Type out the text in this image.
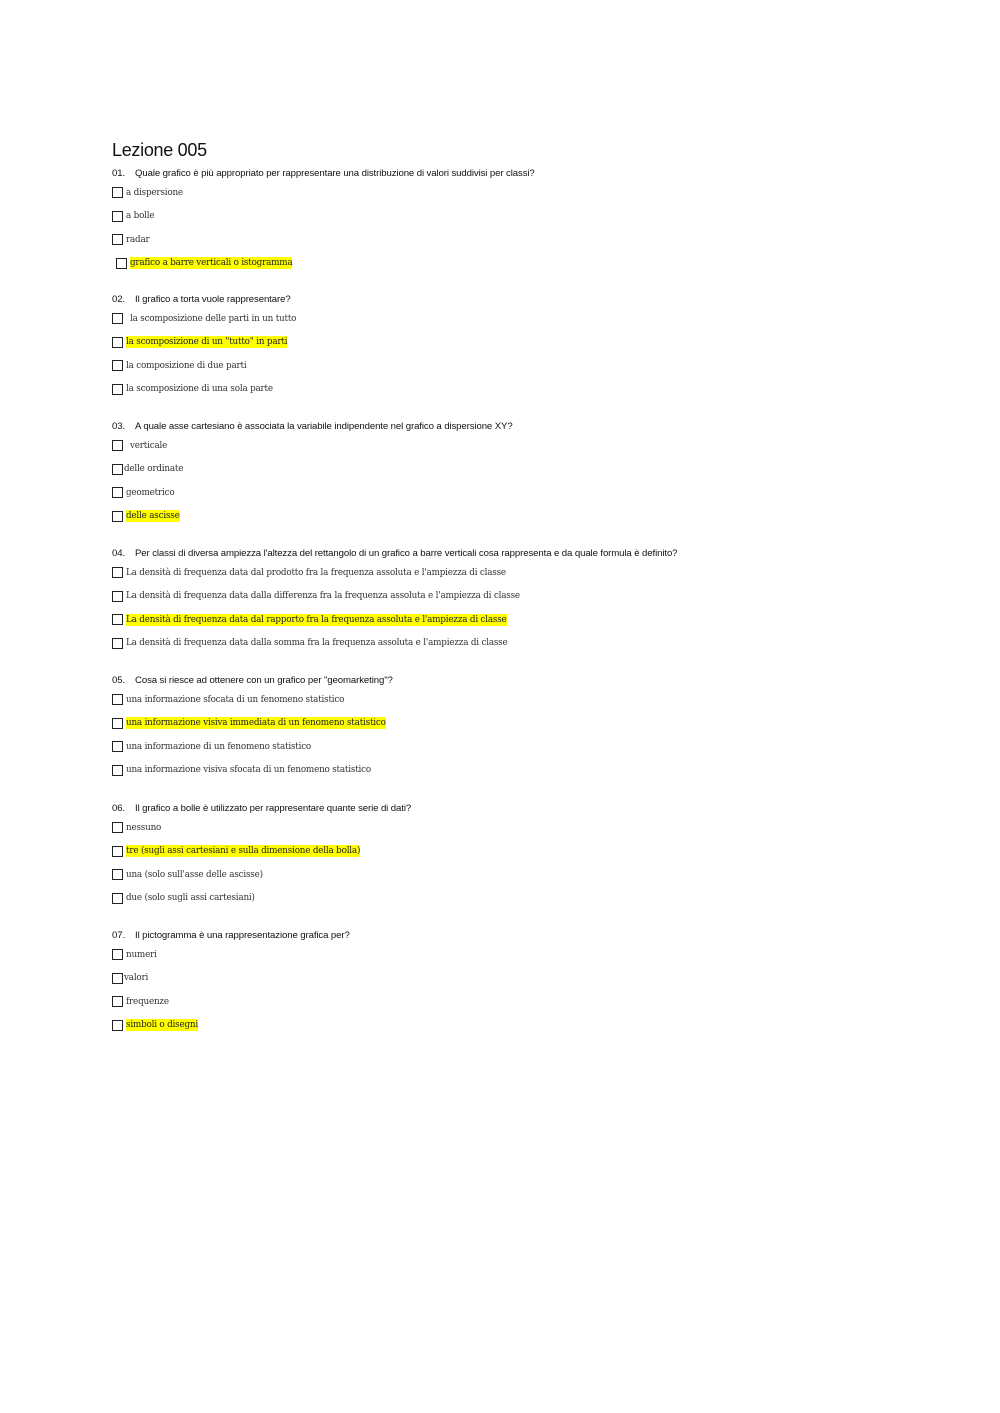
Lezione 005
01. Quale grafico è più appropriato per rappresentare una distribuzione di valori suddivisi per classi?
a dispersione
a bolle
radar
grafico a barre verticali o istogramma
02. Il grafico a torta vuole rappresentare?
la scomposizione delle parti in un tutto
la scomposizione di un "tutto" in parti
la composizione di due parti
la scomposizione di una sola parte
03. A quale asse cartesiano è associata la variabile indipendente nel grafico a dispersione XY?
verticale
delle ordinate
geometrico
delle ascisse
04. Per classi di diversa ampiezza l'altezza del rettangolo di un grafico a barre verticali cosa rappresenta e da quale formula è definito?
La densità di frequenza data dal prodotto fra la frequenza assoluta e l'ampiezza di classe
La densità di frequenza data dalla differenza fra la frequenza assoluta e l'ampiezza di classe
La densità di frequenza data dal rapporto fra la frequenza assoluta e l'ampiezza di classe
La densità di frequenza data dalla somma fra la frequenza assoluta e l'ampiezza di classe
05. Cosa si riesce ad ottenere con un grafico per "geomarketing"?
una informazione sfocata di un fenomeno statistico
una informazione visiva immediata di un fenomeno statistico
una informazione di un fenomeno statistico
una informazione visiva sfocata di un fenomeno statistico
06. Il grafico a bolle è utilizzato per rappresentare quante serie di dati?
nessuno
tre (sugli assi cartesiani e sulla dimensione della bolla)
una (solo sull'asse delle ascisse)
due (solo sugli assi cartesiani)
07. Il pictogramma è una rappresentazione grafica per?
numeri
valori
frequenze
simboli o disegni
